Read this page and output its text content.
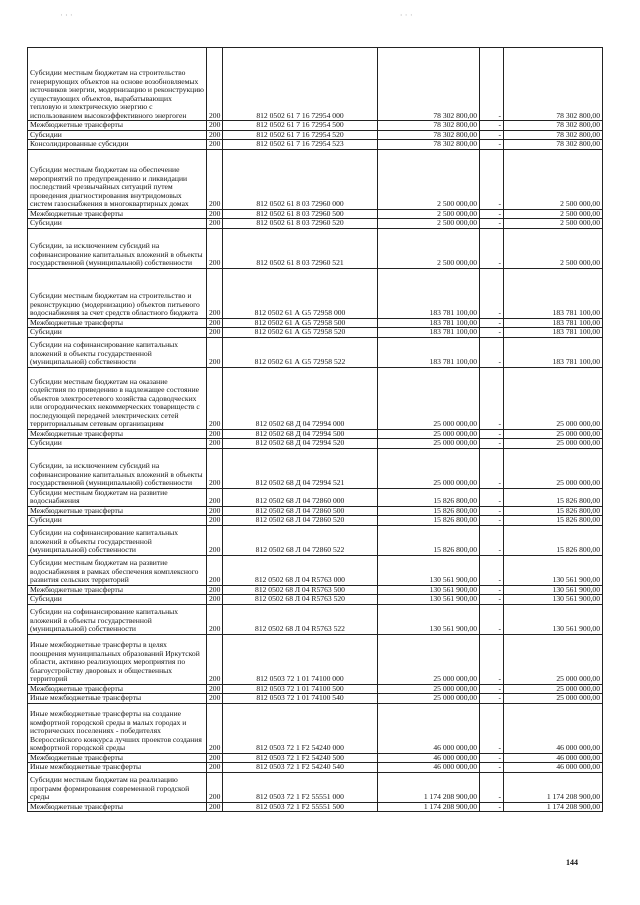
· ⸱ ·	⸱ · ·
Субсидии местным бюджетам на строительство генерирующих объектов на основе возобновляемых источников энергии, модернизацию и реконструкцию существующих объектов, вырабатывающих тепловую и электрическую энергию с использованием высокоэффективного энергоген	200	812 0502 61 7 16 72954 000	78 302 800,00	-	78 302 800,00
Межбюджетные трансферты	200	812 0502 61 7 16 72954 500	78 302 800,00	-	78 302 800,00
Субсидии	200	812 0502 61 7 16 72954 520	78 302 800,00	-	78 302 800,00
Консолидированные субсидии	200	812 0502 61 7 16 72954 523	78 302 800,00	-	78 302 800,00
Субсидии местным бюджетам на обеспечение мероприятий по предупреждению и ликвидации последствий чрезвычайных ситуаций путем проведения диагностирования внутридомовых систем газоснабжения в многоквартирных домах	200	812 0502 61 8 03 72960 000	2 500 000,00	-	2 500 000,00
Межбюджетные трансферты	200	812 0502 61 8 03 72960 500	2 500 000,00	-	2 500 000,00
Субсидии	200	812 0502 61 8 03 72960 520	2 500 000,00	-	2 500 000,00
Субсидии, за исключением субсидий на софинансирование капитальных вложений в объекты государственной (муниципальной) собственности	200	812 0502 61 8 03 72960 521	2 500 000,00	-	2 500 000,00
Субсидии местным бюджетам на строительство и реконструкцию (модернизацию) объектов питьевого водоснабжения за счет средств областного бюджета	200	812 0502 61 А G5 72958 000	183 781 100,00	-	183 781 100,00
Межбюджетные трансферты	200	812 0502 61 А G5 72958 500	183 781 100,00	-	183 781 100,00
Субсидии	200	812 0502 61 А G5 72958 520	183 781 100,00	-	183 781 100,00
Субсидии на софинансирование капитальных вложений в объекты государственной (муниципальной) собственности	200	812 0502 61 А G5 72958 522	183 781 100,00	-	183 781 100,00
Субсидии местным бюджетам на оказание содействия по приведению в надлежащее состояние объектов электросетевого хозяйства садоводческих или огороднических некоммерческих товариществ с последующей передачей электрических сетей территориальным сетевым организациям	200	812 0502 68 Д 04 72994 000	25 000 000,00	-	25 000 000,00
Межбюджетные трансферты	200	812 0502 68 Д 04 72994 500	25 000 000,00	-	25 000 000,00
Субсидии	200	812 0502 68 Д 04 72994 520	25 000 000,00	-	25 000 000,00
Субсидии, за исключением субсидий на софинансирование капитальных вложений в объекты государственной (муниципальной) собственности	200	812 0502 68 Д 04 72994 521	25 000 000,00	-	25 000 000,00
Субсидии местным бюджетам на развитие водоснабжения	200	812 0502 68 Л 04 72860 000	15 826 800,00	-	15 826 800,00
Межбюджетные трансферты	200	812 0502 68 Л 04 72860 500	15 826 800,00	-	15 826 800,00
Субсидии	200	812 0502 68 Л 04 72860 520	15 826 800,00	-	15 826 800,00
Субсидии на софинансирование капитальных вложений в объекты государственной (муниципальной) собственности	200	812 0502 68 Л 04 72860 522	15 826 800,00	-	15 826 800,00
Субсидии местным бюджетам на развитие водоснабжения в рамках обеспечения комплексного развития сельских территорий	200	812 0502 68 Л 04 R5763 000	130 561 900,00	-	130 561 900,00
Межбюджетные трансферты	200	812 0502 68 Л 04 R5763 500	130 561 900,00	-	130 561 900,00
Субсидии	200	812 0502 68 Л 04 R5763 520	130 561 900,00	-	130 561 900,00
Субсидии на софинансирование капитальных вложений в объекты государственной (муниципальной) собственности	200	812 0502 68 Л 04 R5763 522	130 561 900,00	-	130 561 900,00
Иные межбюджетные трансферты в целях поощрения муниципальных образований Иркутской области, активно реализующих мероприятия по благоустройству дворовых и общественных территорий	200	812 0503 72 1 01 74100 000	25 000 000,00	-	25 000 000,00
Межбюджетные трансферты	200	812 0503 72 1 01 74100 500	25 000 000,00	-	25 000 000,00
Иные межбюджетные трансферты	200	812 0503 72 1 01 74100 540	25 000 000,00	-	25 000 000,00
Иные межбюджетные трансферты на создание комфортной городской среды в малых городах и исторических поселениях - победителях Всероссийского конкурса лучших проектов создания комфортной городской среды	200	812 0503 72 1 F2 54240 000	46 000 000,00	-	46 000 000,00
Межбюджетные трансферты	200	812 0503 72 1 F2 54240 500	46 000 000,00	-	46 000 000,00
Иные межбюджетные трансферты	200	812 0503 72 1 F2 54240 540	46 000 000,00	-	46 000 000,00
Субсидии местным бюджетам на реализацию программ формирования современной городской среды	200	812 0503 72 1 F2 55551 000	1 174 208 900,00	-	1 174 208 900,00
Межбюджетные трансферты	200	812 0503 72 1 F2 55551 500	1 174 208 900,00	-	1 174 208 900,00
144
